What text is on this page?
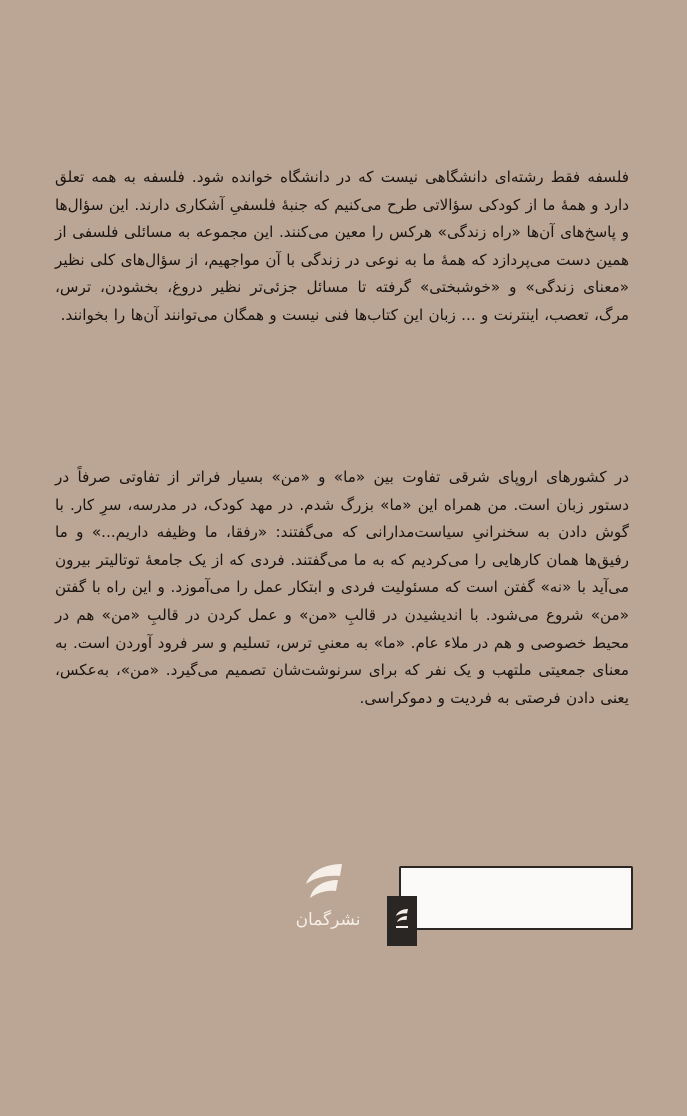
فلسفه فقط رشته‌ای دانشگاهی نیست که در دانشگاه خوانده شود. فلسفه به همه تعلق دارد و همهٔ ما از کودکی سؤالاتی طرح می‌کنیم که جنبهٔ فلسفیِ آشکاری دارند. این سؤال‌ها و پاسخ‌های آن‌ها «راه زندگی» هرکس را معین می‌کنند. این مجموعه به مسائلی فلسفی از همین دست می‌پردازد که همهٔ ما به نوعی در زندگی با آن مواجهیم، از سؤال‌های کلی نظیر «معنای زندگی» و «خوشبختی» گرفته تا مسائل جزئی‌تر نظیر دروغ، بخشودن، ترس، مرگ، تعصب، اینترنت و ... زبان این کتاب‌ها فنی نیست و همگان می‌توانند آن‌ها را بخوانند.

در کشورهای اروپای شرقی تفاوت بین «ما» و «من» بسیار فراتر از تفاوتی صرفاً در دستور زبان است. من همراه این «ما» بزرگ شدم. در مهد کودک، در مدرسه، سرِ کار. با گوش دادن به سخنرانیِ سیاست‌مدارانی که می‌گفتند: «رفقا، ما وظیفه داریم...» و ما رفیق‌ها همان کارهایی را می‌کردیم که به ما می‌گفتند. فردی که از یک جامعهٔ توتالیتر بیرون می‌آید با «نه» گفتن است که مسئولیت فردی و ابتکار عمل را می‌آموزد. و این راه با گفتن «من» شروع می‌شود. با اندیشیدن در قالبِ «من» و عمل کردن در قالبِ «من» هم در محیط خصوصی و هم در ملاء عام. «ما» به معنیِ ترس، تسلیم و سر فرود آوردن است. به معنای جمعیتی ملتهب و یک نفر که برای سرنوشت‌شان تصمیم می‌گیرد. «من»، به‌عکس، یعنی دادن فرصتی به فردیت و دموکراسی.

نشرگمان
